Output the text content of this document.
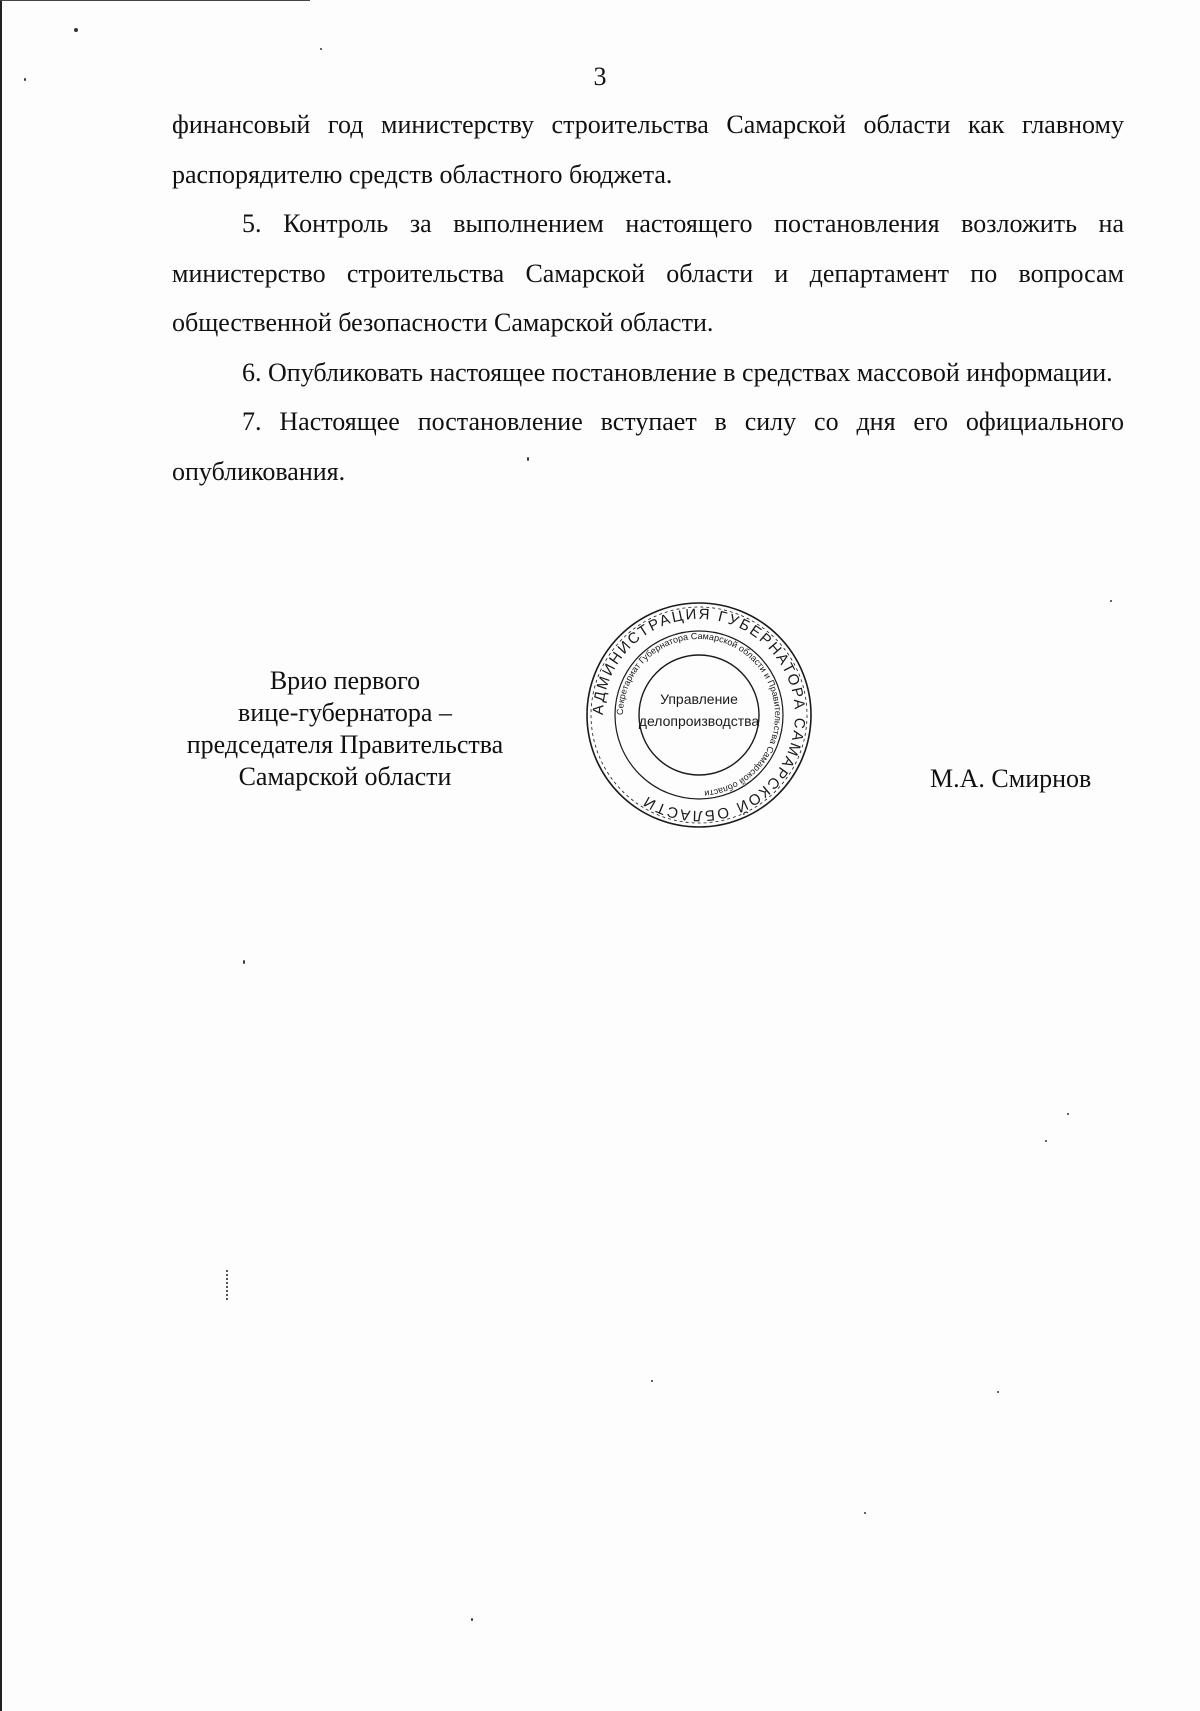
3

финансовый год министерству строительства Самарской области как главному распорядителю средств областного бюджета.

5. Контроль за выполнением настоящего постановления возложить на министерство строительства Самарской области и департамент по вопросам общественной безопасности Самарской области.

6. Опубликовать настоящее постановление в средствах массовой информации.

7. Настоящее постановление вступает в силу со дня его официального опубликования.

Врио первого
вице-губернатора –
председателя Правительства
Самарской области
АДМИНИСТРАЦИЯ ГУБЕРНАТОРА САМАРСКОЙ ОБЛАСТИ
Секретариат Губернатора Самарской области и Правительства Самарской области
Управление
делопроизводства
М.А. Смирнов
